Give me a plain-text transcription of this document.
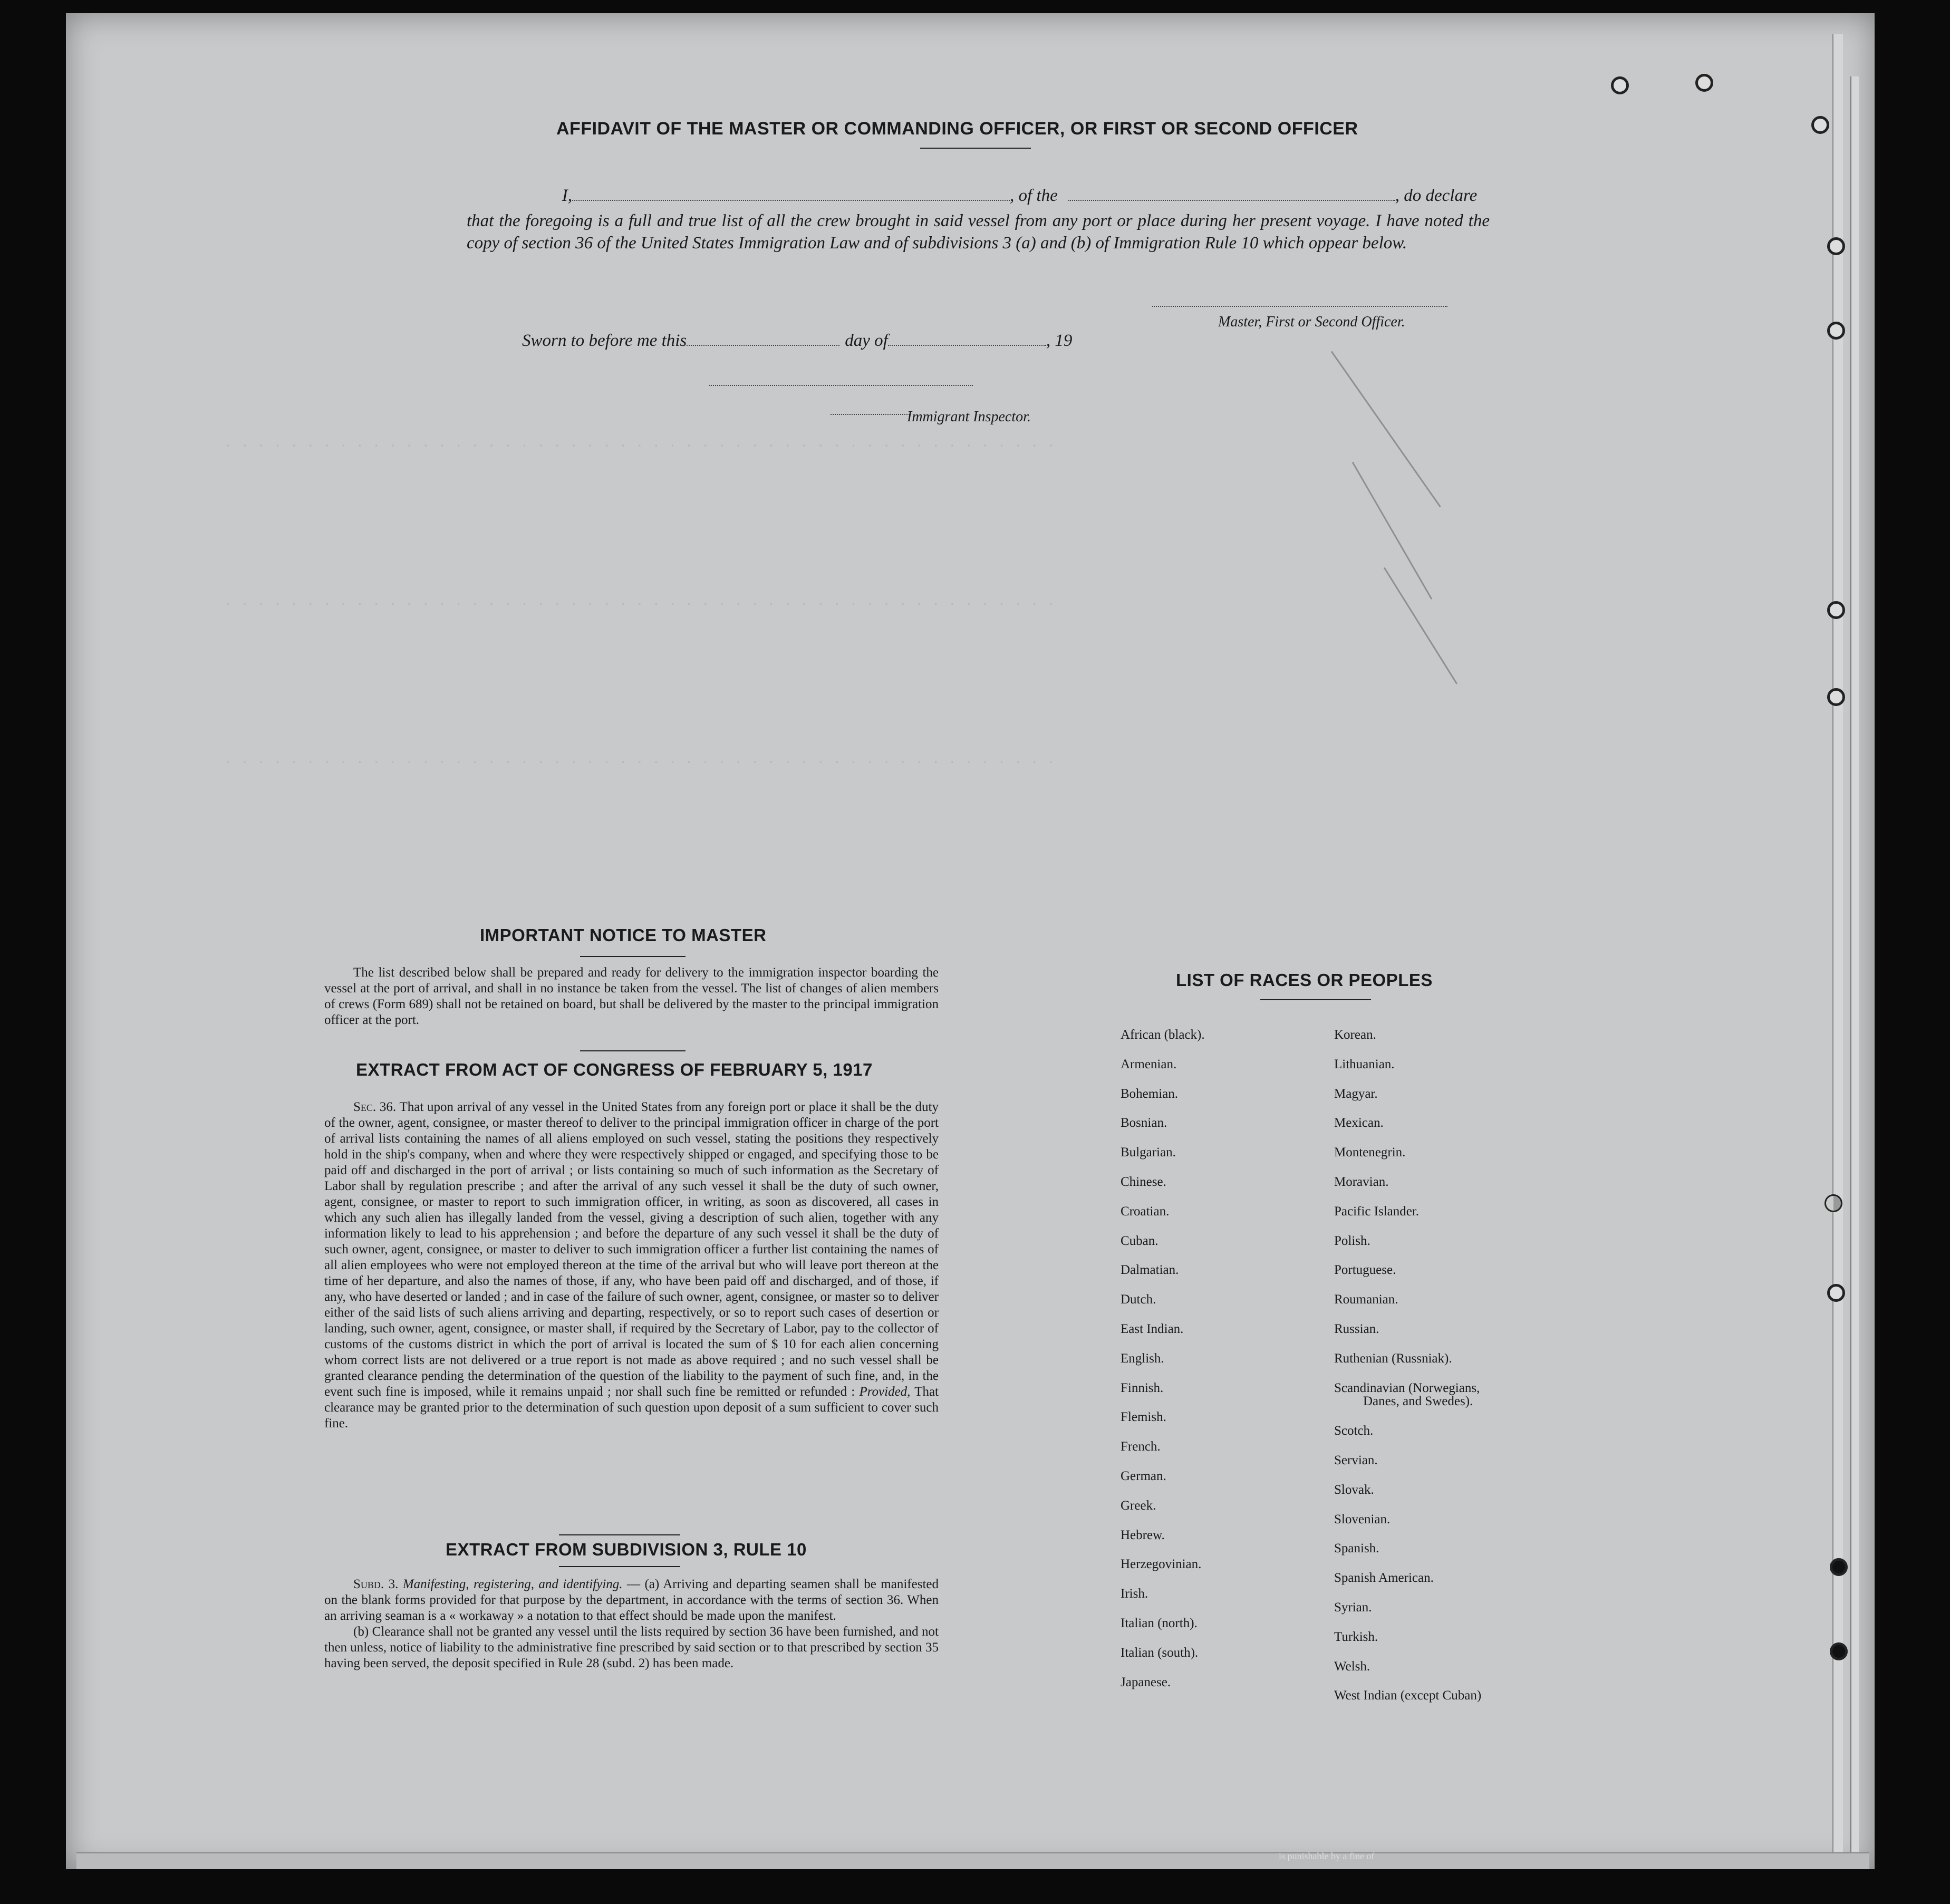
. . . . . . . . . . . . . . . . . . . . . . . . . . . . . . . . . . . . . . . . . . . . . . . . . . .
. . . . . . . . . . . . . . . . . . . . . . . . . . . . . . . . . . . . . . . . . . . . . . . . . . .
. . . . . . . . . . . . . . . . . . . . . . . . . . . . . . . . . . . . . . . . . . . . . . . . . . .
AFFIDAVIT OF THE MASTER OR COMMANDING OFFICER, OR FIRST OR SECOND OFFICER
I,	, of the	, do declare
that the foregoing is a full and true list of all the crew brought in said vessel from any port or place during her present voyage. I have noted the copy of section 36 of the United States Immigration Law and of subdivisions 3 (a) and (b) of Immigration Rule 10 which oppear below.
Master, First or Second Officer.
Sworn to before me this	day of	, 19
Immigrant Inspector.
IMPORTANT NOTICE TO MASTER
The list described below shall be prepared and ready for delivery to the immigration inspector boarding the vessel at the port of arrival, and shall in no instance be taken from the vessel. The list of changes of alien members of crews (Form 689) shall not be retained on board, but shall be delivered by the master to the principal immigration officer at the port.
EXTRACT FROM ACT OF CONGRESS OF FEBRUARY 5, 1917
Sec. 36. That upon arrival of any vessel in the United States from any foreign port or place it shall be the duty of the owner, agent, consignee, or master thereof to deliver to the principal immigration officer in charge of the port of arrival lists containing the names of all aliens employed on such vessel, stating the positions they respectively hold in the ship's company, when and where they were respectively shipped or engaged, and specifying those to be paid off and discharged in the port of arrival ; or lists containing so much of such information as the Secretary of Labor shall by regulation prescribe ; and after the arrival of any such vessel it shall be the duty of such owner, agent, consignee, or master to report to such immigration officer, in writing, as soon as discovered, all cases in which any such alien has illegally landed from the vessel, giving a description of such alien, together with any information likely to lead to his apprehension ; and before the departure of any such vessel it shall be the duty of such owner, agent, consignee, or master to deliver to such immigration officer a further list containing the names of all alien employees who were not employed thereon at the time of the arrival but who will leave port thereon at the time of her departure, and also the names of those, if any, who have been paid off and discharged, and of those, if any, who have deserted or landed ; and in case of the failure of such owner, agent, consignee, or master so to deliver either of the said lists of such aliens arriving and departing, respectively, or so to report such cases of desertion or landing, such owner, agent, consignee, or master shall, if required by the Secretary of Labor, pay to the collector of customs of the customs district in which the port of arrival is located the sum of $ 10 for each alien concerning whom correct lists are not delivered or a true report is not made as above required ; and no such vessel shall be granted clearance pending the determination of the question of the liability to the payment of such fine, and, in the event such fine is imposed, while it remains unpaid ; nor shall such fine be remitted or refunded : Provided, That clearance may be granted prior to the determination of such question upon deposit of a sum sufficient to cover such fine.
EXTRACT FROM SUBDIVISION 3, RULE 10
Subd. 3. Manifesting, registering, and identifying. — (a) Arriving and departing seamen shall be manifested on the blank forms provided for that purpose by the department, in accordance with the terms of section 36. When an arriving seaman is a « workaway » a notation to that effect should be made upon the manifest.
(b) Clearance shall not be granted any vessel until the lists required by section 36 have been furnished, and not then unless, notice of liability to the administrative fine prescribed by said section or to that prescribed by section 35 having been served, the deposit specified in Rule 28 (subd. 2) has been made.
LIST OF RACES OR PEOPLES
African (black).
Armenian.
Bohemian.
Bosnian.
Bulgarian.
Chinese.
Croatian.
Cuban.
Dalmatian.
Dutch.
East Indian.
English.
Finnish.
Flemish.
French.
German.
Greek.
Hebrew.
Herzegovinian.
Irish.
Italian (north).
Italian (south).
Japanese.
Korean.
Lithuanian.
Magyar.
Mexican.
Montenegrin.
Moravian.
Pacific Islander.
Polish.
Portuguese.
Roumanian.
Russian.
Ruthenian (Russniak).
Scandinavian (Norwegians,
Danes, and Swedes).
Scotch.
Servian.
Slovak.
Slovenian.
Spanish.
Spanish American.
Syrian.
Turkish.
Welsh.
West Indian (except Cuban)
is punishable by a fine of
